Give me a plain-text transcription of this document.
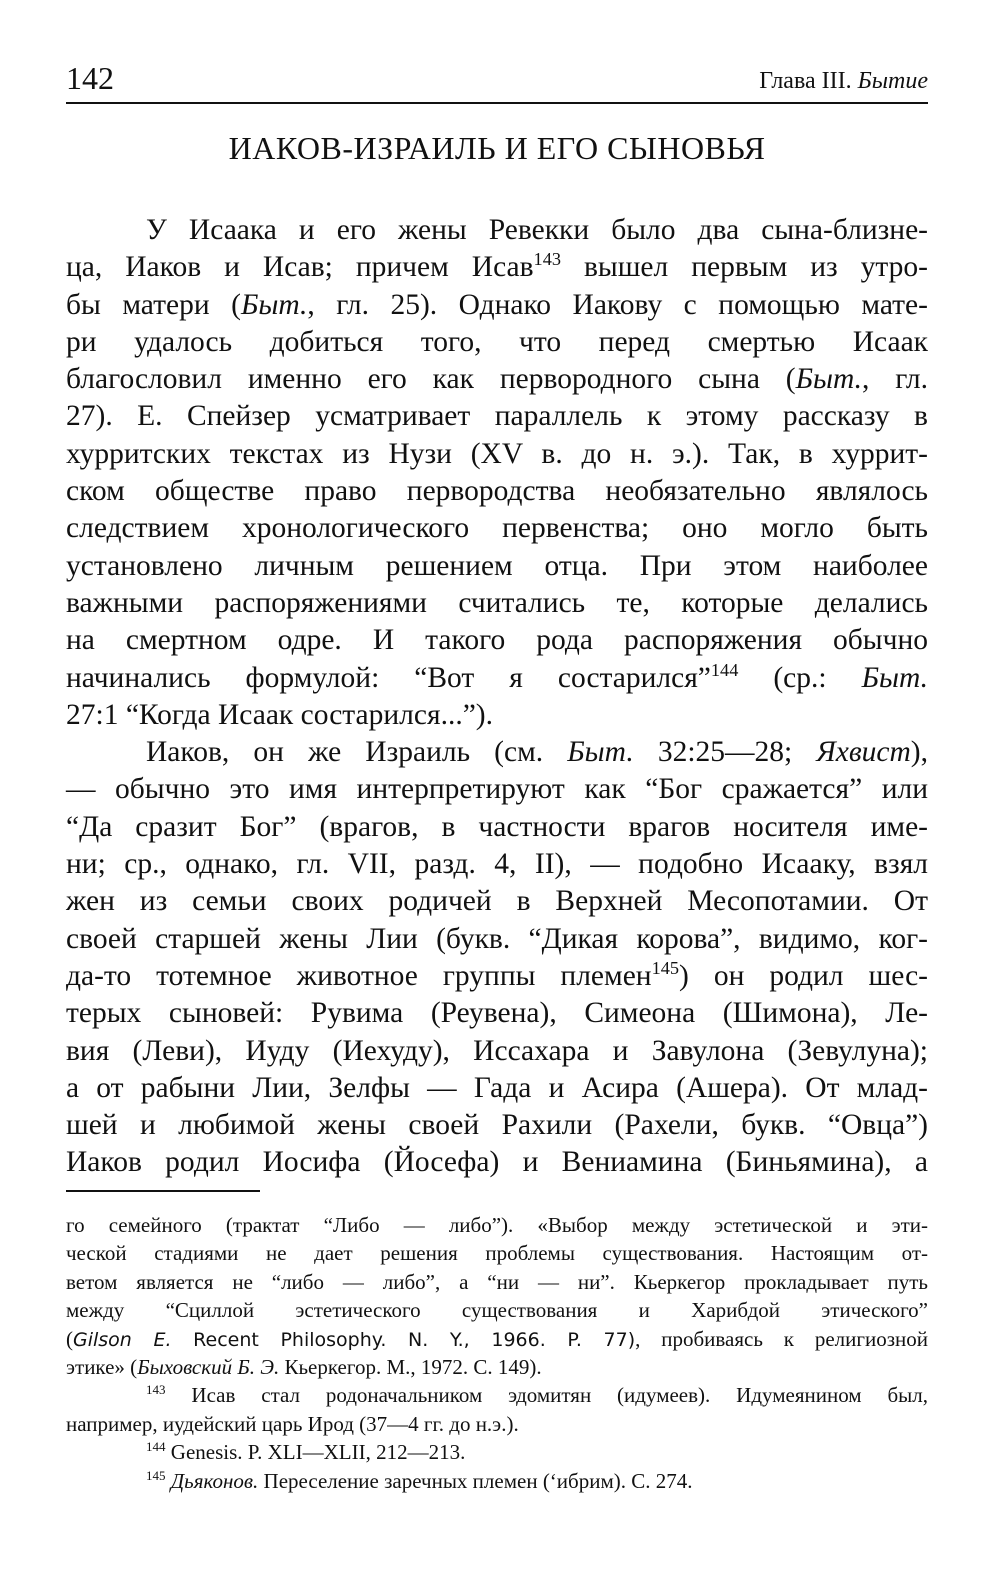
142	Глава III. Бытие
ИАКОВ-ИЗРАИЛЬ И ЕГО СЫНОВЬЯ
У Исаака и его жены Ревекки было два сына-близне-
ца, Иаков и Исав; причем Исав$^{143}$ вышел первым из утро-
бы матери (Быт., гл. 25). Однако Иакову с помощью мате-
ри удалось добиться того, что перед смертью Исаак
благословил именно его как первородного сына (Быт., гл.
27). Е. Спейзер усматривает параллель к этому рассказу в
хурритских текстах из Нузи (XV в. до н. э.). Так, в хуррит-
ском обществе право первородства необязательно являлось
следствием хронологического первенства; оно могло быть
установлено личным решением отца. При этом наиболее
важными распоряжениями считались те, которые делались
на смертном одре. И такого рода распоряжения обычно
начинались формулой: “Вот я состарился”$^{144}$ (ср.: Быт.
27:1 “Когда Исаак состарился...”).
Иаков, он же Израиль (см. Быт. 32:25—28; Яхвист),
— обычно это имя интерпретируют как “Бог сражается” или
“Да сразит Бог” (врагов, в частности врагов носителя име-
ни; ср., однако, гл. VII, разд. 4, II), — подобно Исааку, взял
жен из семьи своих родичей в Верхней Месопотамии. От
своей старшей жены Лии (букв. “Дикая корова”, видимо, ког-
да-то тотемное животное группы племен$^{145}$) он родил шес-
терых сыновей: Рувима (Реувена), Симеона (Шимона), Ле-
вия (Леви), Иуду (Иехуду), Иссахара и Завулона (Зевулуна);
а от рабыни Лии, Зелфы — Гада и Асира (Ашера). От млад-
шей и любимой жены своей Рахили (Рахели, букв. “Овца”)
Иаков родил Иосифа (Йосефа) и Вениамина (Биньямина), а
го семейного (трактат “Либо — либо”). «Выбор между эстетической и эти-
ческой стадиями не дает решения проблемы существования. Настоящим от-
ветом является не “либо — либо”, а “ни — ни”. Кьеркегор прокладывает путь
между “Сциллой эстетического существования и Харибдой этического”
(Gilson E. Recent Philosophy. N. Y., 1966. P. 77), пробиваясь к религиозной
этике» (Быховский Б. Э. Кьеркегор. М., 1972. С. 149).
$^{143}$ Исав стал родоначальником эдомитян (идумеев). Идумеянином был,
например, иудейский царь Ирод (37—4 гг. до н.э.).
$^{144}$ Genesis. P. XLI—XLII, 212—213.
$^{145}$ Дьяконов. Переселение заречных племен (‘ибрим). С. 274.
